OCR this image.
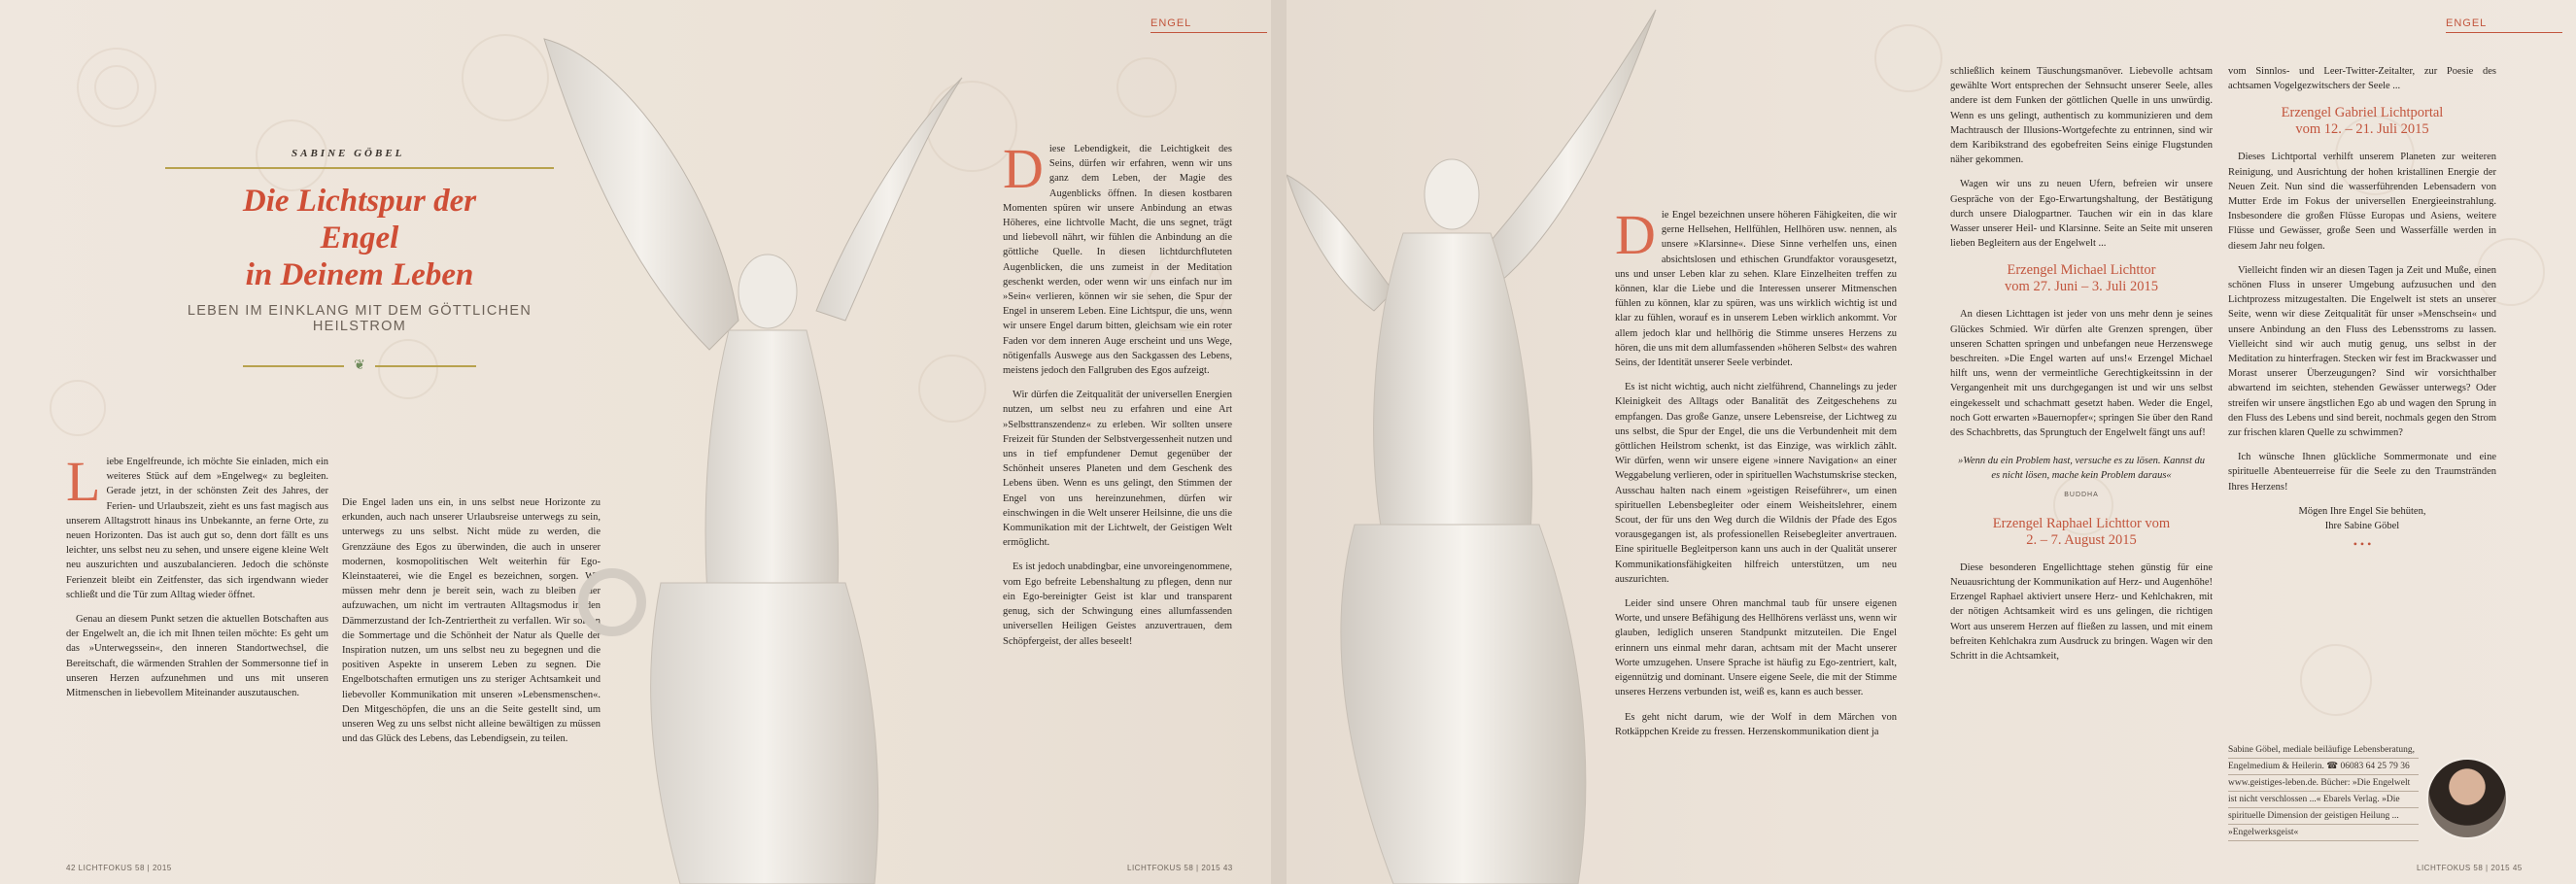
SABINE GÖBEL
Die Lichtspur der
Engel
in Deinem Leben
LEBEN IM EINKLANG MIT DEM GÖTTLICHEN HEILSTROM
❦

Liebe Engelfreunde, ich möchte Sie einladen, mich ein weiteres Stück auf dem »Engelweg« zu begleiten. Gerade jetzt, in der schönsten Zeit des Jahres, der Ferien- und Urlaubszeit, zieht es uns fast magisch aus unserem Alltagstrott hinaus ins Unbekannte, an ferne Orte, zu neuen Horizonten. Das ist auch gut so, denn dort fällt es uns leichter, uns selbst neu zu sehen, und unsere eigene kleine Welt neu auszurichten und auszubalancieren. Jedoch die schönste Ferienzeit bleibt ein Zeitfenster, das sich irgendwann wieder schließt und die Tür zum Alltag wieder öffnet.

Genau an diesem Punkt setzen die aktuellen Botschaften aus der Engelwelt an, die ich mit Ihnen teilen möchte: Es geht um das »Unterwegssein«, den inneren Standortwechsel, die Bereitschaft, die wärmenden Strahlen der Sommersonne tief in unseren Herzen aufzunehmen und uns mit unseren Mitmenschen in liebevollem Miteinander auszutauschen.

Die Engel laden uns ein, in uns selbst neue Horizonte zu erkunden, auch nach unserer Urlaubsreise unterwegs zu sein, unterwegs zu uns selbst. Nicht müde zu werden, die Grenzzäune des Egos zu überwinden, die auch in unserer modernen, kosmopolitischen Welt weiterhin für Ego-Kleinstaaterei, wie die Engel es bezeichnen, sorgen. Wir müssen mehr denn je bereit sein, wach zu bleiben oder aufzuwachen, um nicht im vertrauten Alltagsmodus in den Dämmerzustand der Ich-Zentriertheit zu verfallen. Wir sollten die Sommertage und die Schönheit der Natur als Quelle der Inspiration nutzen, um uns selbst neu zu begegnen und die positiven Aspekte in unserem Leben zu segnen. Die Engelbotschaften ermutigen uns zu steriger Achtsamkeit und liebevoller Kommunikation mit unseren »Lebensmenschen«. Den Mitgeschöpfen, die uns an die Seite gestellt sind, um unseren Weg zu uns selbst nicht alleine bewältigen zu müssen und das Glück des Lebens, das Lebendigsein, zu teilen.

42 LICHTFOKUS 58 | 2015
ENGEL

Diese Lebendigkeit, die Leichtigkeit des Seins, dürfen wir erfahren, wenn wir uns ganz dem Leben, der Magie des Augenblicks öffnen. In diesen kostbaren Momenten spüren wir unsere Anbindung an etwas Höheres, eine lichtvolle Macht, die uns segnet, trägt und liebevoll nährt, wir fühlen die Anbindung an die göttliche Quelle. In diesen lichtdurchfluteten Augenblicken, die uns zumeist in der Meditation geschenkt werden, oder wenn wir uns einfach nur im »Sein« verlieren, können wir sie sehen, die Spur der Engel in unserem Leben. Eine Lichtspur, die uns, wenn wir unsere Engel darum bitten, gleichsam wie ein roter Faden vor dem inneren Auge erscheint und uns Wege, nötigenfalls Auswege aus den Sackgassen des Lebens, meistens jedoch den Fallgruben des Egos aufzeigt.

Wir dürfen die Zeitqualität der universellen Energien nutzen, um selbst neu zu erfahren und eine Art »Selbsttranszendenz« zu erleben. Wir sollten unsere Freizeit für Stunden der Selbstvergessenheit nutzen und uns in tief empfundener Demut gegenüber der Schönheit unseres Planeten und dem Geschenk des Lebens üben. Wenn es uns gelingt, den Stimmen der Engel von uns hereinzunehmen, dürfen wir einschwingen in die Welt unserer Heilsinne, die uns die Kommunikation mit der Lichtwelt, der Geistigen Welt ermöglicht.

Es ist jedoch unabdingbar, eine unvoreingenommene, vom Ego befreite Lebenshaltung zu pflegen, denn nur ein Ego-bereinigter Geist ist klar und transparent genug, sich der Schwingung eines allumfassenden universellen Heiligen Geistes anzuvertrauen, dem Schöpfergeist, der alles beseelt!

LICHTFOKUS 58 | 2015 43

Die Engel bezeichnen unsere höheren Fähigkeiten, die wir gerne Hellsehen, Hellfühlen, Hellhören usw. nennen, als unsere »Klarsinne«. Diese Sinne verhelfen uns, einen absichtslosen und ethischen Grundfaktor vorausgesetzt, uns und unser Leben klar zu sehen. Klare Einzelheiten treffen zu können, klar die Liebe und die Interessen unserer Mitmenschen fühlen zu können, klar zu spüren, was uns wirklich wichtig ist und klar zu fühlen, worauf es in unserem Leben wirklich ankommt. Vor allem jedoch klar und hellhörig die Stimme unseres Herzens zu hören, die uns mit dem allumfassenden »höheren Selbst« des wahren Seins, der Identität unserer Seele verbindet.

Es ist nicht wichtig, auch nicht zielführend, Channelings zu jeder Kleinigkeit des Alltags oder Banalität des Zeitgeschehens zu empfangen. Das große Ganze, unsere Lebensreise, der Lichtweg zu uns selbst, die Spur der Engel, die uns die Verbundenheit mit dem göttlichen Heilstrom schenkt, ist das Einzige, was wirklich zählt. Wir dürfen, wenn wir unsere eigene »innere Navigation« an einer Weggabelung verlieren, oder in spirituellen Wachstumskrise stecken, Ausschau halten nach einem »geistigen Reiseführer«, um einen spirituellen Lebensbegleiter oder einem Weisheitslehrer, einem Scout, der für uns den Weg durch die Wildnis der Pfade des Egos vorausgegangen ist, als professionellen Reisebegleiter anvertrauen. Eine spirituelle Begleitperson kann uns auch in der Qualität unserer Kommunikationsfähigkeiten hilfreich unterstützen, um neu auszurichten.

Leider sind unsere Ohren manchmal taub für unsere eigenen Worte, und unsere Befähigung des Hellhörens verlässt uns, wenn wir glauben, lediglich unseren Standpunkt mitzuteilen. Die Engel erinnern uns einmal mehr daran, achtsam mit der Macht unserer Worte umzugehen. Unsere Sprache ist häufig zu Ego-zentriert, kalt, eigennützig und dominant. Unsere eigene Seele, die mit der Stimme unseres Herzens verbunden ist, weiß es, kann es auch besser.

Es geht nicht darum, wie der Wolf in dem Märchen von Rotkäppchen Kreide zu fressen. Herzenskommunikation dient ja

ENGEL

schließlich keinem Täuschungsmanöver. Liebevolle achtsam gewählte Wort entsprechen der Sehnsucht unserer Seele, alles andere ist dem Funken der göttlichen Quelle in uns unwürdig. Wenn es uns gelingt, authentisch zu kommunizieren und dem Machtrausch der Illusions-Wortgefechte zu entrinnen, sind wir dem Karibikstrand des egobefreiten Seins einige Flugstunden näher gekommen.

Wagen wir uns zu neuen Ufern, befreien wir unsere Gespräche von der Ego-Erwartungshaltung, der Bestätigung durch unsere Dialogpartner. Tauchen wir ein in das klare Wasser unserer Heil- und Klarsinne. Seite an Seite mit unseren lieben Begleitern aus der Engelwelt ...

Erzengel Michael Lichttor
vom 27. Juni – 3. Juli 2015

An diesen Lichttagen ist jeder von uns mehr denn je seines Glückes Schmied. Wir dürfen alte Grenzen sprengen, über unseren Schatten springen und unbefangen neue Herzenswege beschreiten. »Die Engel warten auf uns!« Erzengel Michael hilft uns, wenn der vermeintliche Gerechtigkeitssinn in der Vergangenheit mit uns durchgegangen ist und wir uns selbst eingekesselt und schachmatt gesetzt haben. Weder die Engel, noch Gott erwarten »Bauernopfer«; springen Sie über den Rand des Schachbretts, das Sprungtuch der Engelwelt fängt uns auf!

»Wenn du ein Problem hast, versuche es zu lösen. Kannst du es nicht lösen, mache kein Problem daraus«
BUDDHA
Erzengel Raphael Lichttor vom
2. – 7. August 2015

Diese besonderen Engellichttage stehen günstig für eine Neuausrichtung der Kommunikation auf Herz- und Augenhöhe! Erzengel Raphael aktiviert unsere Herz- und Kehlchakren, mit der nötigen Achtsamkeit wird es uns gelingen, die richtigen Wort aus unserem Herzen auf fließen zu lassen, und mit einem befreiten Kehlchakra zum Ausdruck zu bringen. Wagen wir den Schritt in die Achtsamkeit,

vom Sinnlos- und Leer-Twitter-Zeitalter, zur Poesie des achtsamen Vogelgezwitschers der Seele ...

Erzengel Gabriel Lichtportal
vom 12. – 21. Juli 2015

Dieses Lichtportal verhilft unserem Planeten zur weiteren Reinigung, und Ausrichtung der hohen kristallinen Energie der Neuen Zeit. Nun sind die wasserführenden Lebensadern von Mutter Erde im Fokus der universellen Energieeinstrahlung. Insbesondere die großen Flüsse Europas und Asiens, weitere Flüsse und Gewässer, große Seen und Wasserfälle werden in diesem Jahr neu folgen.

Vielleicht finden wir an diesen Tagen ja Zeit und Muße, einen schönen Fluss in unserer Umgebung aufzusuchen und den Lichtprozess mitzugestalten. Die Engelwelt ist stets an unserer Seite, wenn wir diese Zeitqualität für unser »Menschsein« und unsere Anbindung an den Fluss des Lebensstroms zu lassen. Vielleicht sind wir auch mutig genug, uns selbst in der Meditation zu hinterfragen. Stecken wir fest im Brackwasser und Morast unserer Überzeugungen? Sind wir vorsichthalber abwartend im seichten, stehenden Gewässer unterwegs? Oder streifen wir unsere ängstlichen Ego ab und wagen den Sprung in den Fluss des Lebens und sind bereit, nochmals gegen den Strom zur frischen klaren Quelle zu schwimmen?

Ich wünsche Ihnen glückliche Sommermonate und eine spirituelle Abenteuerreise für die Seele zu den Traumstränden Ihres Herzens!

Mögen Ihre Engel Sie behüten,
Ihre Sabine Göbel
• • •
Sabine Göbel, mediale beiläufige Lebensberatung,
Engelmedium & Heilerin. ☎ 06083 64 25 79 36
www.geistiges-leben.de. Bücher: »Die Engelwelt
ist nicht verschlossen ...« Ebarels Verlag. »Die
spirituelle Dimension der geistigen Heilung ...
»Engelwerksgeist«
LICHTFOKUS 58 | 2015 45
